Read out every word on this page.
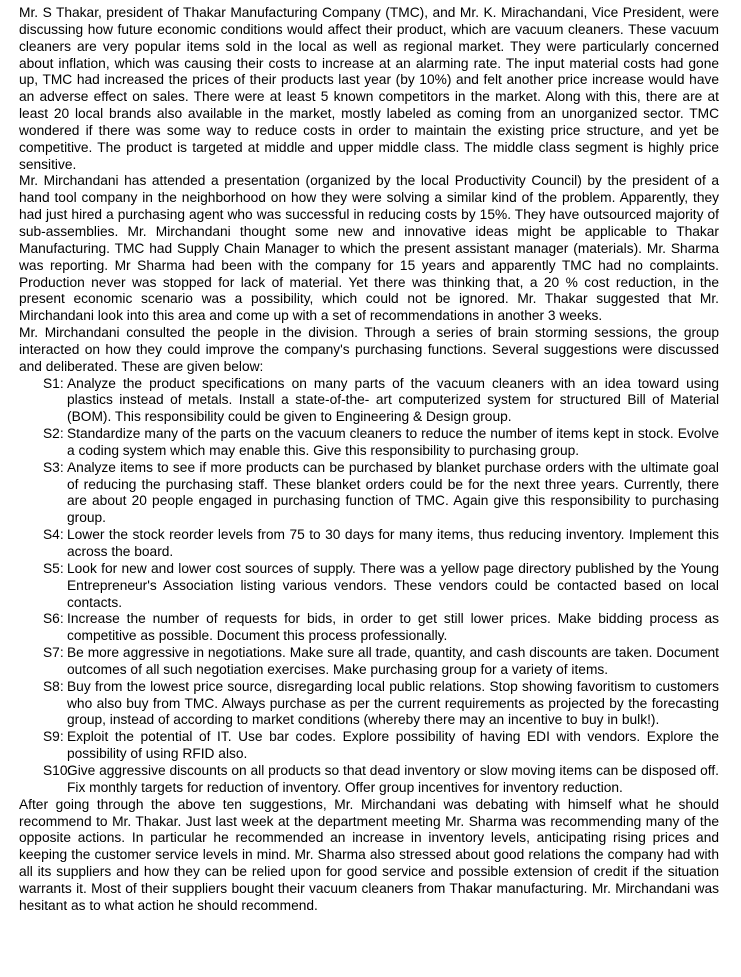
Mr. S Thakar, president of Thakar Manufacturing Company (TMC), and Mr. K. Mirachandani, Vice President, were discussing how future economic conditions would affect their product, which are vacuum cleaners. These vacuum cleaners are very popular items sold in the local as well as regional market. They were particularly concerned about inflation, which was causing their costs to increase at an alarming rate. The input material costs had gone up, TMC had increased the prices of their products last year (by 10%) and felt another price increase would have an adverse effect on sales. There were at least 5 known competitors in the market. Along with this, there are at least 20 local brands also available in the market, mostly labeled as coming from an unorganized sector. TMC wondered if there was some way to reduce costs in order to maintain the existing price structure, and yet be competitive. The product is targeted at middle and upper middle class. The middle class segment is highly price sensitive.

Mr. Mirchandani has attended a presentation (organized by the local Productivity Council) by the president of a hand tool company in the neighborhood on how they were solving a similar kind of the problem. Apparently, they had just hired a purchasing agent who was successful in reducing costs by 15%. They have outsourced majority of sub-assemblies. Mr. Mirchandani thought some new and innovative ideas might be applicable to Thakar Manufacturing. TMC had Supply Chain Manager to which the present assistant manager (materials). Mr. Sharma was reporting. Mr Sharma had been with the company for 15 years and apparently TMC had no complaints. Production never was stopped for lack of material. Yet there was thinking that, a 20 % cost reduction, in the present economic scenario was a possibility, which could not be ignored. Mr. Thakar suggested that Mr. Mirchandani look into this area and come up with a set of recommendations in another 3 weeks.

Mr. Mirchandani consulted the people in the division. Through a series of brain storming sessions, the group interacted on how they could improve the company's purchasing functions. Several suggestions were discussed and deliberated. These are given below:

S1: Analyze the product specifications on many parts of the vacuum cleaners with an idea toward using plastics instead of metals. Install a state-of-the- art computerized system for structured Bill of Material (BOM). This responsibility could be given to Engineering & Design group.
S2: Standardize many of the parts on the vacuum cleaners to reduce the number of items kept in stock. Evolve a coding system which may enable this. Give this responsibility to purchasing group.
S3: Analyze items to see if more products can be purchased by blanket purchase orders with the ultimate goal of reducing the purchasing staff. These blanket orders could be for the next three years. Currently, there are about 20 people engaged in purchasing function of TMC. Again give this responsibility to purchasing group.
S4: Lower the stock reorder levels from 75 to 30 days for many items, thus reducing inventory. Implement this across the board.
S5: Look for new and lower cost sources of supply. There was a yellow page directory published by the Young Entrepreneur's Association listing various vendors. These vendors could be contacted based on local contacts.
S6: Increase the number of requests for bids, in order to get still lower prices. Make bidding process as competitive as possible. Document this process professionally.
S7: Be more aggressive in negotiations. Make sure all trade, quantity, and cash discounts are taken. Document outcomes of all such negotiation exercises. Make purchasing group for a variety of items.
S8: Buy from the lowest price source, disregarding local public relations. Stop showing favoritism to customers who also buy from TMC. Always purchase as per the current requirements as projected by the forecasting group, instead of according to market conditions (whereby there may an incentive to buy in bulk!).
S9: Exploit the potential of IT. Use bar codes. Explore possibility of having EDI with vendors. Explore the possibility of using RFID also.
S10:
Give aggressive discounts on all products so that dead inventory or slow moving items can be disposed off. Fix monthly targets for reduction of inventory. Offer group incentives for inventory reduction.

After going through the above ten suggestions, Mr. Mirchandani was debating with himself what he should recommend to Mr. Thakar. Just last week at the department meeting Mr. Sharma was recommending many of the opposite actions. In particular he recommended an increase in inventory levels, anticipating rising prices and keeping the customer service levels in mind. Mr. Sharma also stressed about good relations the company had with all its suppliers and how they can be relied upon for good service and possible extension of credit if the situation warrants it. Most of their suppliers bought their vacuum cleaners from Thakar manufacturing. Mr. Mirchandani was hesitant as to what action he should recommend.
